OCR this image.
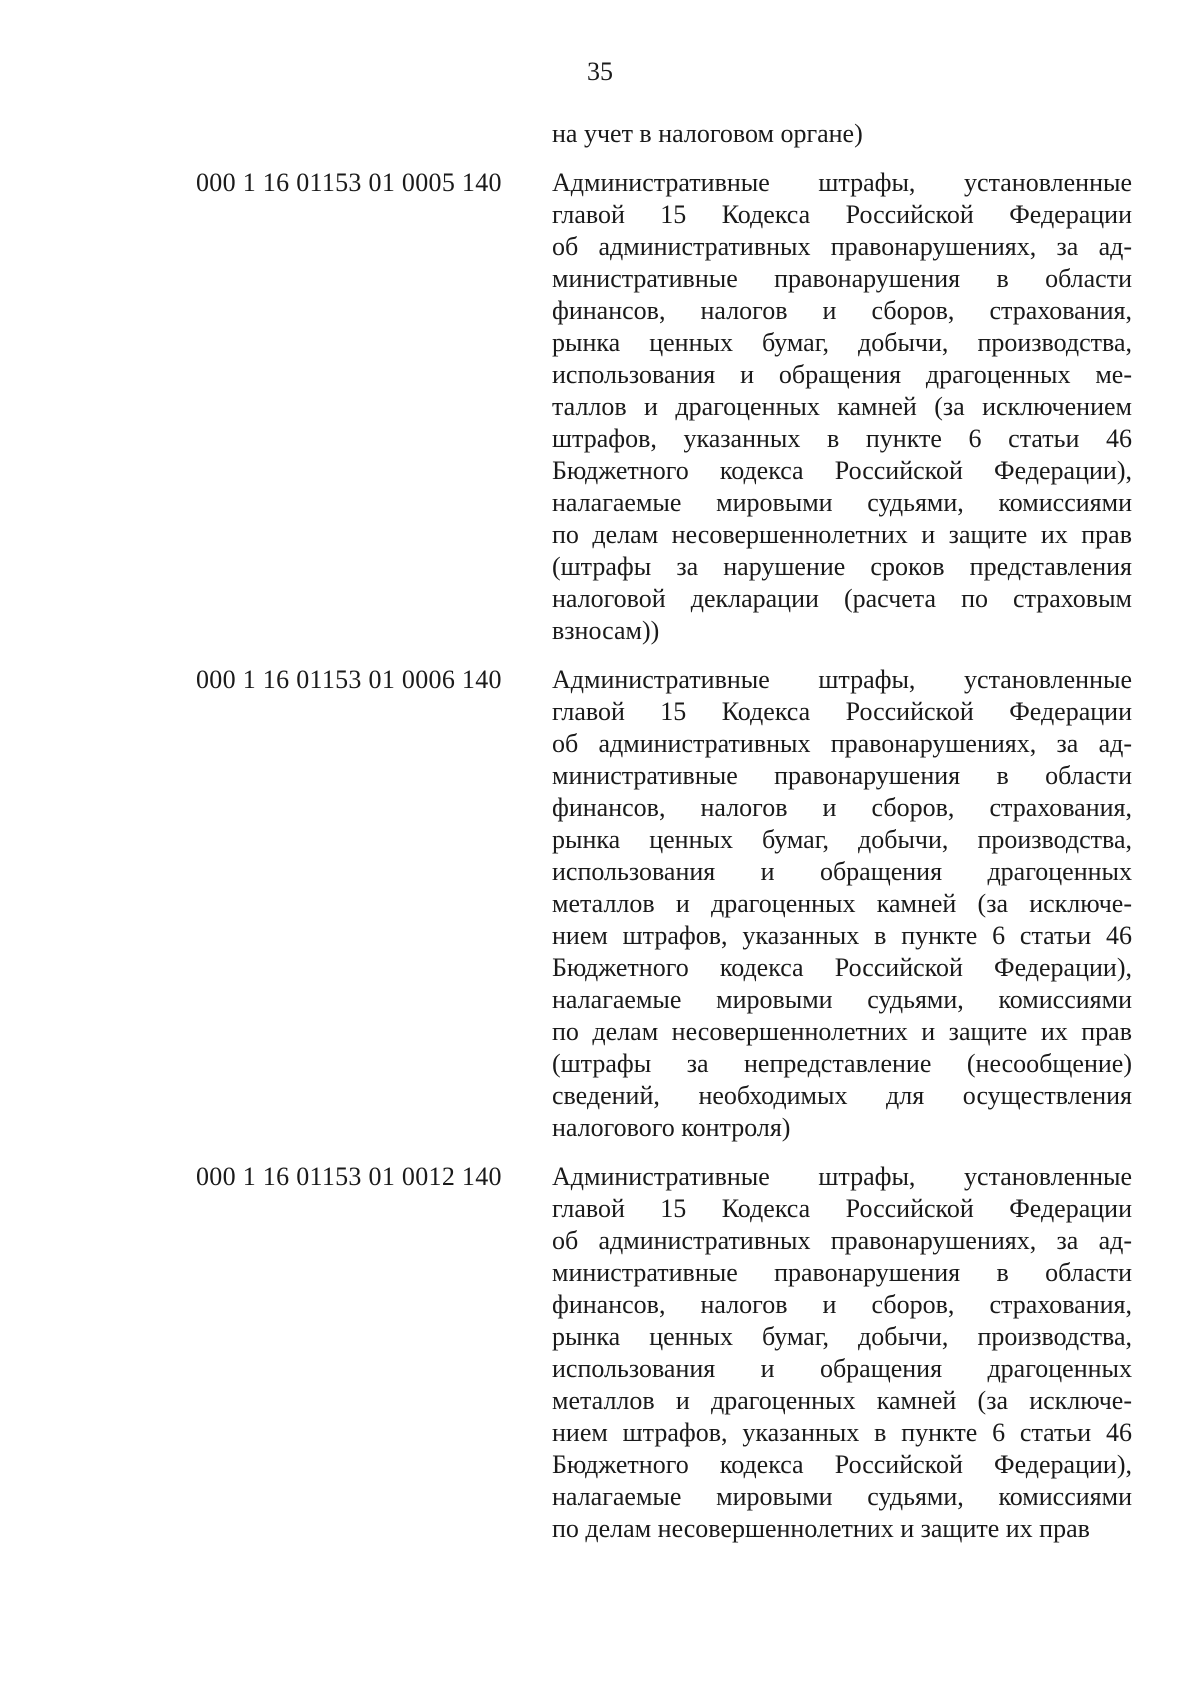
35
на учет в налоговом органе)
000 1 16 01153 01 0005 140 Административные штрафы, установленные
главой 15 Кодекса Российской Федерации
об административных правонарушениях, за ад-
министративные правонарушения в области
финансов, налогов и сборов, страхования,
рынка ценных бумаг, добычи, производства,
использования и обращения драгоценных ме-
таллов и драгоценных камней (за исключением
штрафов, указанных в пункте 6 статьи 46
Бюджетного кодекса Российской Федерации),
налагаемые мировыми судьями, комиссиями
по делам несовершеннолетних и защите их прав
(штрафы за нарушение сроков представления
налоговой декларации (расчета по страховым
взносам))
000 1 16 01153 01 0006 140 Административные штрафы, установленные
главой 15 Кодекса Российской Федерации
об административных правонарушениях, за ад-
министративные правонарушения в области
финансов, налогов и сборов, страхования,
рынка ценных бумаг, добычи, производства,
использования и обращения драгоценных
металлов и драгоценных камней (за исключе-
нием штрафов, указанных в пункте 6 статьи 46
Бюджетного кодекса Российской Федерации),
налагаемые мировыми судьями, комиссиями
по делам несовершеннолетних и защите их прав
(штрафы за непредставление (несообщение)
сведений, необходимых для осуществления
налогового контроля)
000 1 16 01153 01 0012 140 Административные штрафы, установленные
главой 15 Кодекса Российской Федерации
об административных правонарушениях, за ад-
министративные правонарушения в области
финансов, налогов и сборов, страхования,
рынка ценных бумаг, добычи, производства,
использования и обращения драгоценных
металлов и драгоценных камней (за исключе-
нием штрафов, указанных в пункте 6 статьи 46
Бюджетного кодекса Российской Федерации),
налагаемые мировыми судьями, комиссиями
по делам несовершеннолетних и защите их прав
